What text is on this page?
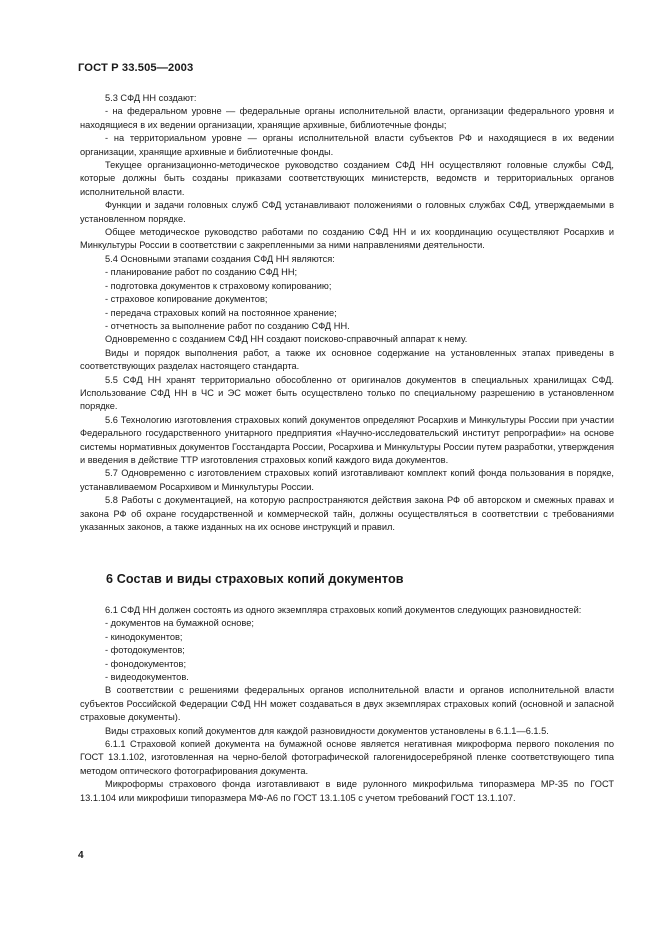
ГОСТ Р 33.505—2003

5.3 СФД НН создают:

- на федеральном уровне — федеральные органы исполнительной власти, организации федерального уровня и находящиеся в их ведении организации, хранящие архивные, библиотечные фонды;

- на территориальном уровне — органы исполнительной власти субъектов РФ и находящиеся в их ведении организации, хранящие архивные и библиотечные фонды.

Текущее организационно-методическое руководство созданием СФД НН осуществляют головные службы СФД, которые должны быть созданы приказами соответствующих министерств, ведомств и территориальных органов исполнительной власти.

Функции и задачи головных служб СФД устанавливают положениями о головных службах СФД, утверждаемыми в установленном порядке.

Общее методическое руководство работами по созданию СФД НН и их координацию осуществляют Росархив и Минкультуры России в соответствии с закрепленными за ними направлениями деятельности.

5.4 Основными этапами создания СФД НН являются:

- планирование работ по созданию СФД НН;

- подготовка документов к страховому копированию;

- страховое копирование документов;

- передача страховых копий на постоянное хранение;

- отчетность за выполнение работ по созданию СФД НН.

Одновременно с созданием СФД НН создают поисково-справочный аппарат к нему.

Виды и порядок выполнения работ, а также их основное содержание на установленных этапах приведены в соответствующих разделах настоящего стандарта.

5.5 СФД НН хранят территориально обособленно от оригиналов документов в специальных хранилищах СФД. Использование СФД НН в ЧС и ЭС может быть осуществлено только по специальному разрешению в установленном порядке.

5.6 Технологию изготовления страховых копий документов определяют Росархив и Минкультуры России при участии Федерального государственного унитарного предприятия «Научно-исследовательский институт репрографии» на основе системы нормативных документов Госстандарта России, Росархива и Минкультуры России путем разработки, утверждения и введения в действие ТТР изготовления страховых копий каждого вида документов.

5.7 Одновременно с изготовлением страховых копий изготавливают комплект копий фонда пользования в порядке, устанавливаемом Росархивом и Минкультуры России.

5.8 Работы с документацией, на которую распространяются действия закона РФ об авторском и смежных правах и закона РФ об охране государственной и коммерческой тайн, должны осуществляться в соответствии с требованиями указанных законов, а также изданных на их основе инструкций и правил.

6 Состав и виды страховых копий документов

6.1 СФД НН должен состоять из одного экземпляра страховых копий документов следующих разновидностей:

- документов на бумажной основе;

- кинодокументов;

- фотодокументов;

- фонодокументов;

- видеодокументов.

В соответствии с решениями федеральных органов исполнительной власти и органов исполнительной власти субъектов Российской Федерации СФД НН может создаваться в двух экземплярах страховых копий (основной и запасной страховые документы).

Виды страховых копий документов для каждой разновидности документов установлены в 6.1.1—6.1.5.

6.1.1 Страховой копией документа на бумажной основе является негативная микроформа первого поколения по ГОСТ 13.1.102, изготовленная на черно-белой фотографической галогенидосеребряной пленке соответствующего типа методом оптического фотографирования документа.

Микроформы страхового фонда изготавливают в виде рулонного микрофильма типоразмера МР-35 по ГОСТ 13.1.104 или микрофиши типоразмера МФ-А6 по ГОСТ 13.1.105 с учетом требований ГОСТ 13.1.107.

4
